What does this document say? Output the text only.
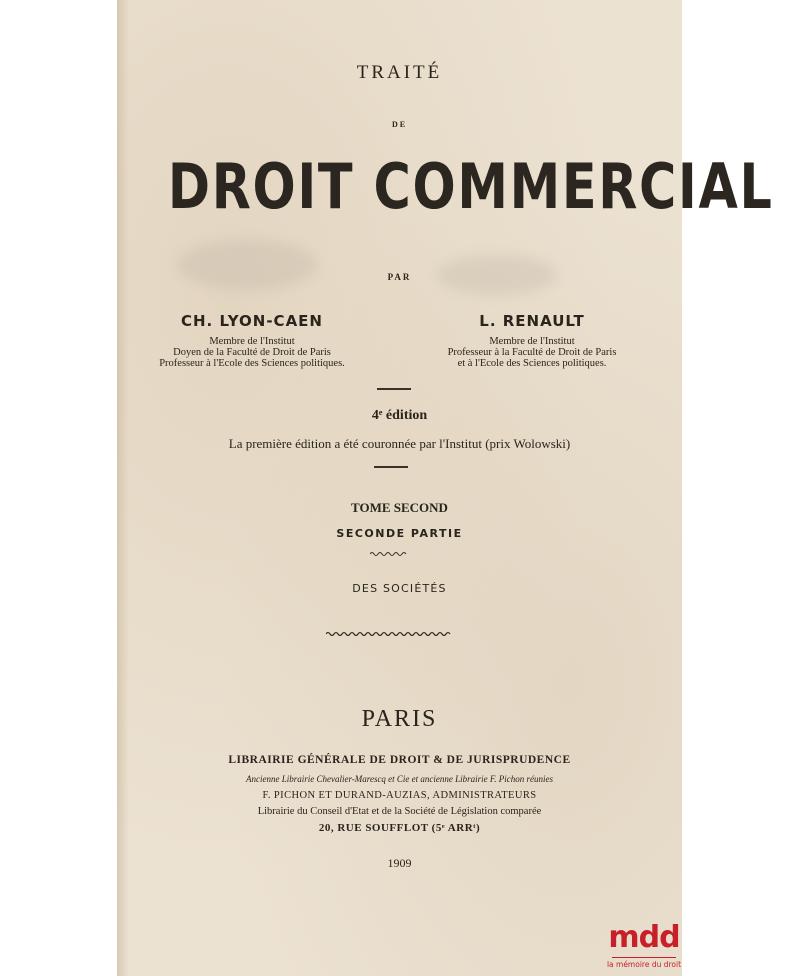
TRAITÉ
DE
DROIT COMMERCIAL
PAR
CH. LYON-CAEN
Membre de l'Institut
Doyen de la Faculté de Droit de Paris
Professeur à l'Ecole des Sciences politiques.
L. RENAULT
Membre de l'Institut
Professeur à la Faculté de Droit de Paris
et à l'Ecole des Sciences politiques.
4ᵉ édition
La première édition a été couronnée par l'Institut (prix Wolowski)
TOME SECOND
SECONDE PARTIE
DES SOCIÉTÉS
PARIS
LIBRAIRIE GÉNÉRALE DE DROIT & DE JURISPRUDENCE
Ancienne Librairie Chevalier-Marescq et Cie et ancienne Librairie F. Pichon réunies
F. PICHON ET DURAND-AUZIAS, ADMINISTRATEURS
Librairie du Conseil d'Etat et de la Société de Législation comparée
20, RUE SOUFFLOT (5ᵉ ARRᵗ)
1909
mdd
la mémoire du droit
